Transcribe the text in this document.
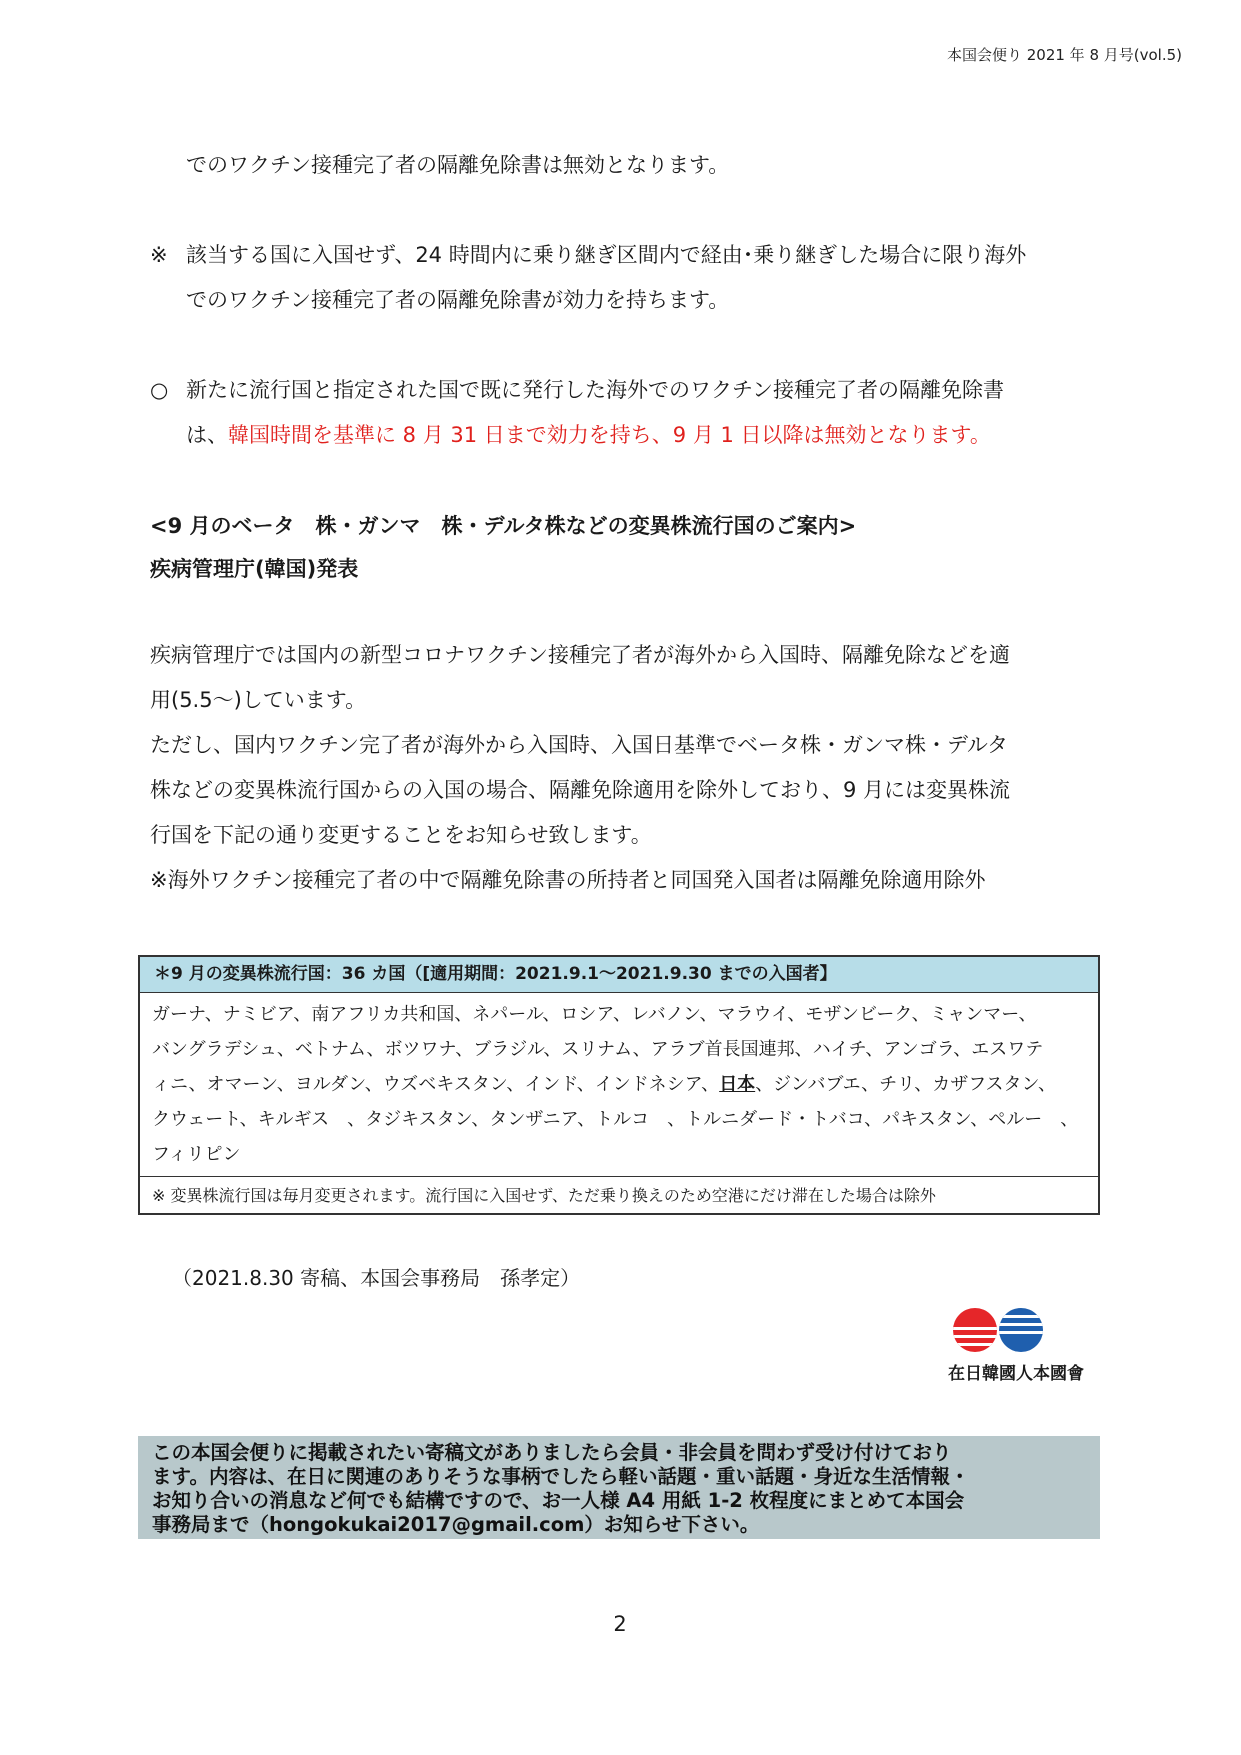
本国会便り 2021 年 8 月号(vol.5)
でのワクチン接種完了者の隔離免除書は無効となります。
※ 該当する国に入国せず、24 時間内に乗り継ぎ区間内で経由･乗り継ぎした場合に限り海外
でのワクチン接種完了者の隔離免除書が効力を持ちます。
○ 新たに流行国と指定された国で既に発行した海外でのワクチン接種完了者の隔離免除書
は、韓国時間を基準に 8 月 31 日まで効力を持ち、9 月 1 日以降は無効となります。
<9 月のベータ　株・ガンマ　株・デルタ株などの変異株流行国のご案内>
疾病管理庁(韓国)発表
疾病管理庁では国内の新型コロナワクチン接種完了者が海外から入国時、隔離免除などを適
用(5.5～)しています。
ただし、国内ワクチン完了者が海外から入国時、入国日基準でベータ株・ガンマ株・デルタ
株などの変異株流行国からの入国の場合、隔離免除適用を除外しており、9 月には変異株流
行国を下記の通り変更することをお知らせ致します。
※海外ワクチン接種完了者の中で隔離免除書の所持者と同国発入国者は隔離免除適用除外
＊9 月の変異株流行国：36 カ国（[適用期間：2021.9.1～2021.9.30 までの入国者】
ガーナ、ナミビア、南アフリカ共和国、ネパール、ロシア、レバノン、マラウイ、モザンビーク、ミャンマー、
バングラデシュ、ベトナム、ボツワナ、ブラジル、スリナム、アラブ首長国連邦、ハイチ、アンゴラ、エスワテ
ィニ、オマーン、ヨルダン、ウズベキスタン、インド、インドネシア、日本、ジンバブエ、チリ、カザフスタン、
クウェート、キルギス　、タジキスタン、タンザニア、トルコ　、トルニダード・トバコ、パキスタン、ペルー　、
フィリピン
※ 変異株流行国は毎月変更されます。流行国に入国せず、ただ乗り換えのため空港にだけ滞在した場合は除外
（2021.8.30 寄稿、本国会事務局　孫孝定）
在日韓國人本國會
この本国会便りに掲載されたい寄稿文がありましたら会員・非会員を問わず受け付けており
ます。内容は、在日に関連のありそうな事柄でしたら軽い話題・重い話題・身近な生活情報・
お知り合いの消息など何でも結構ですので、お一人様 A4 用紙 1-2 枚程度にまとめて本国会
事務局まで（hongokukai2017@gmail.com）お知らせ下さい。
2
